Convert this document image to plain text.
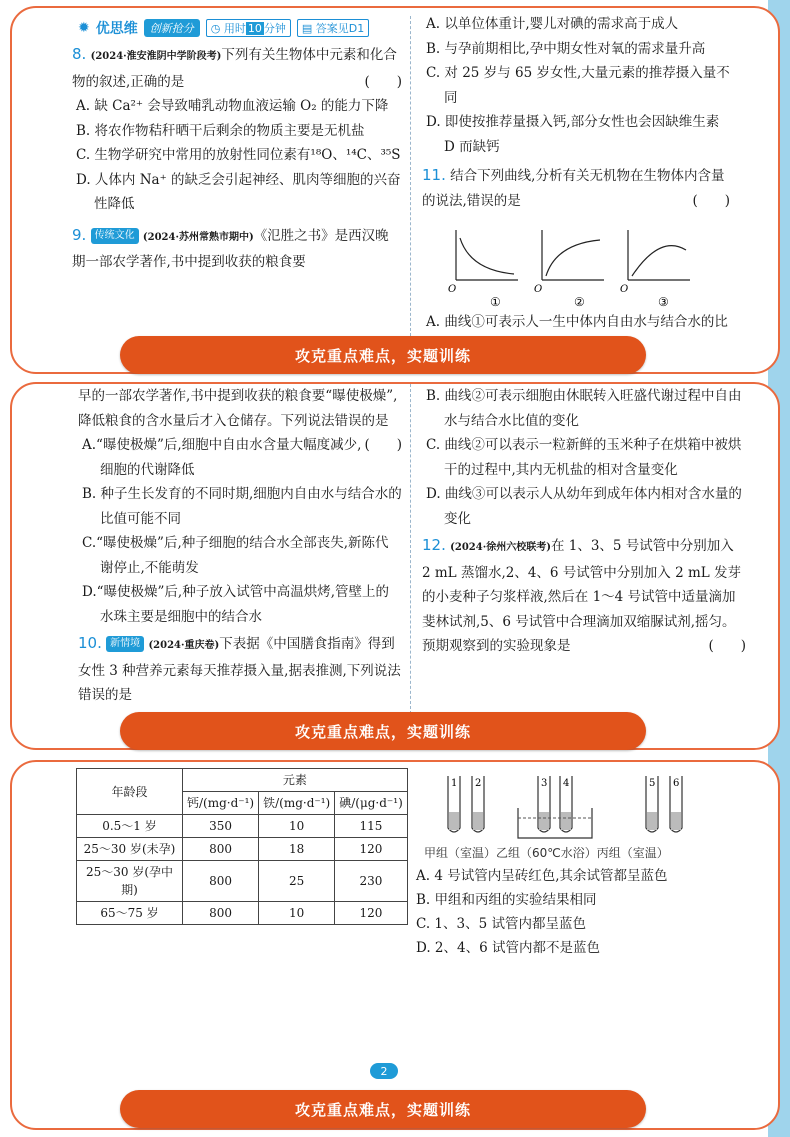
✹ 优思维	创新抢分	◷ 用时 10 分钟	▤ 答案见D1
8. (2024·淮安淮阴中学阶段考)下列有关生物体中元素和化合物的叙述,正确的是	(　　)
A. 缺 Ca²⁺ 会导致哺乳动物血液运输 O₂ 的能力下降
B. 将农作物秸秆晒干后剩余的物质主要是无机盐
C. 生物学研究中常用的放射性同位素有¹⁸O、¹⁴C、³⁵S
D. 人体内 Na⁺ 的缺乏会引起神经、肌肉等细胞的兴奋性降低
9. 传统文化 (2024·苏州常熟市期中)《氾胜之书》是西汉晚期一部农学著作,书中提到收获的粮食要
A. 以单位体重计,婴儿对碘的需求高于成人
B. 与孕前期相比,孕中期女性对氧的需求量升高
C. 对 25 岁与 65 岁女性,大量元素的推荐摄入量不同
D. 即使按推荐量摄入钙,部分女性也会因缺维生素 D 而缺钙
11. 结合下列曲线,分析有关无机物在生物体内含量的说法,错误的是	(　　)
O	O	O
①	②	③
A. 曲线①可表示人一生中体内自由水与结合水的比
攻克重点难点，实题训练
早的一部农学著作,书中提到收获的粮食要“曝使极燥”,降低粮食的含水量后才入仓储存。下列说法错误的是
(　　)
A.“曝使极燥”后,细胞中自由水含量大幅度减少,细胞的代谢降低
B. 种子生长发育的不同时期,细胞内自由水与结合水的比值可能不同
C.“曝使极燥”后,种子细胞的结合水全部丧失,新陈代谢停止,不能萌发
D.“曝使极燥”后,种子放入试管中高温烘烤,管壁上的水珠主要是细胞中的结合水
10. 新情境 (2024·重庆卷)下表据《中国膳食指南》得到女性 3 种营养元素每天推荐摄入量,据表推测,下列说法错误的是
B. 曲线②可表示细胞由休眠转入旺盛代谢过程中自由水与结合水比值的变化
C. 曲线②可以表示一粒新鲜的玉米种子在烘箱中被烘干的过程中,其内无机盐的相对含量变化
D. 曲线③可以表示人从幼年到成年体内相对含水量的变化
12. (2024·徐州六校联考)在 1、3、5 号试管中分别加入 2 mL 蒸馏水,2、4、6 号试管中分别加入 2 mL 发芽的小麦种子匀浆样液,然后在 1～4 号试管中适量滴加斐林试剂,5、6 号试管中合理滴加双缩脲试剂,摇匀。预期观察到的实验现象是	(　　)
攻克重点难点，实题训练
年龄段	元素		
	钙/(mg·d⁻¹)	铁/(mg·d⁻¹)	碘/(μg·d⁻¹)
0.5～1 岁	350	10	115
25～30 岁(未孕)	800	18	120
25～30 岁(孕中期)	800	25	230
65～75 岁	800	10	120
1 2	3 4	5 6
甲组（室温）乙组（60℃水浴）丙组（室温）
A. 4 号试管内呈砖红色,其余试管都呈蓝色
B. 甲组和丙组的实验结果相同
C. 1、3、5 试管内都呈蓝色
D. 2、4、6 试管内都不是蓝色
2
攻克重点难点，实题训练
